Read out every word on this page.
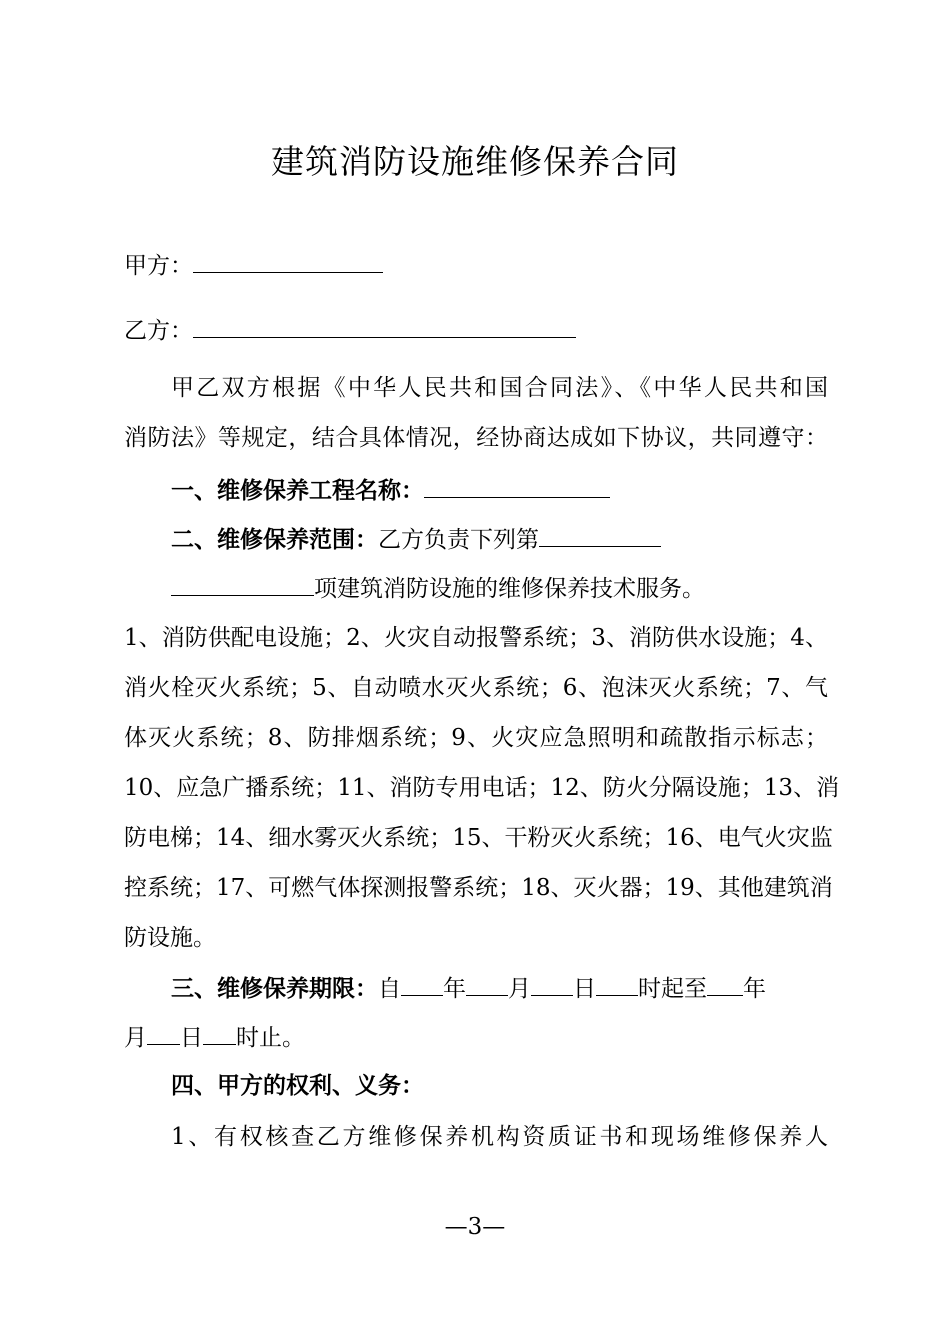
建筑消防设施维修保养合同
甲方：
乙方：
甲乙双方根据《中华人民共和国合同法》、《中华人民共和国
消防法》等规定，结合具体情况，经协商达成如下协议，共同遵守：
一、维修保养工程名称：
二、维修保养范围：乙方负责下列第
项建筑消防设施的维修保养技术服务。
1、消防供配电设施；2、火灾自动报警系统；3、消防供水设施；4、
消火栓灭火系统；5、自动喷水灭火系统；6、泡沫灭火系统；7、气
体灭火系统；8、防排烟系统；9、火灾应急照明和疏散指示标志；
10、应急广播系统；11、消防专用电话；12、防火分隔设施；13、消
防电梯；14、细水雾灭火系统；15、干粉灭火系统；16、电气火灾监
控系统；17、可燃气体探测报警系统；18、灭火器；19、其他建筑消
防设施。
三、维修保养期限：自 年 月 日 时起至 年
月 日 时止。
四、甲方的权利、义务：
1、有权核查乙方维修保养机构资质证书和现场维修保养人
—3—
